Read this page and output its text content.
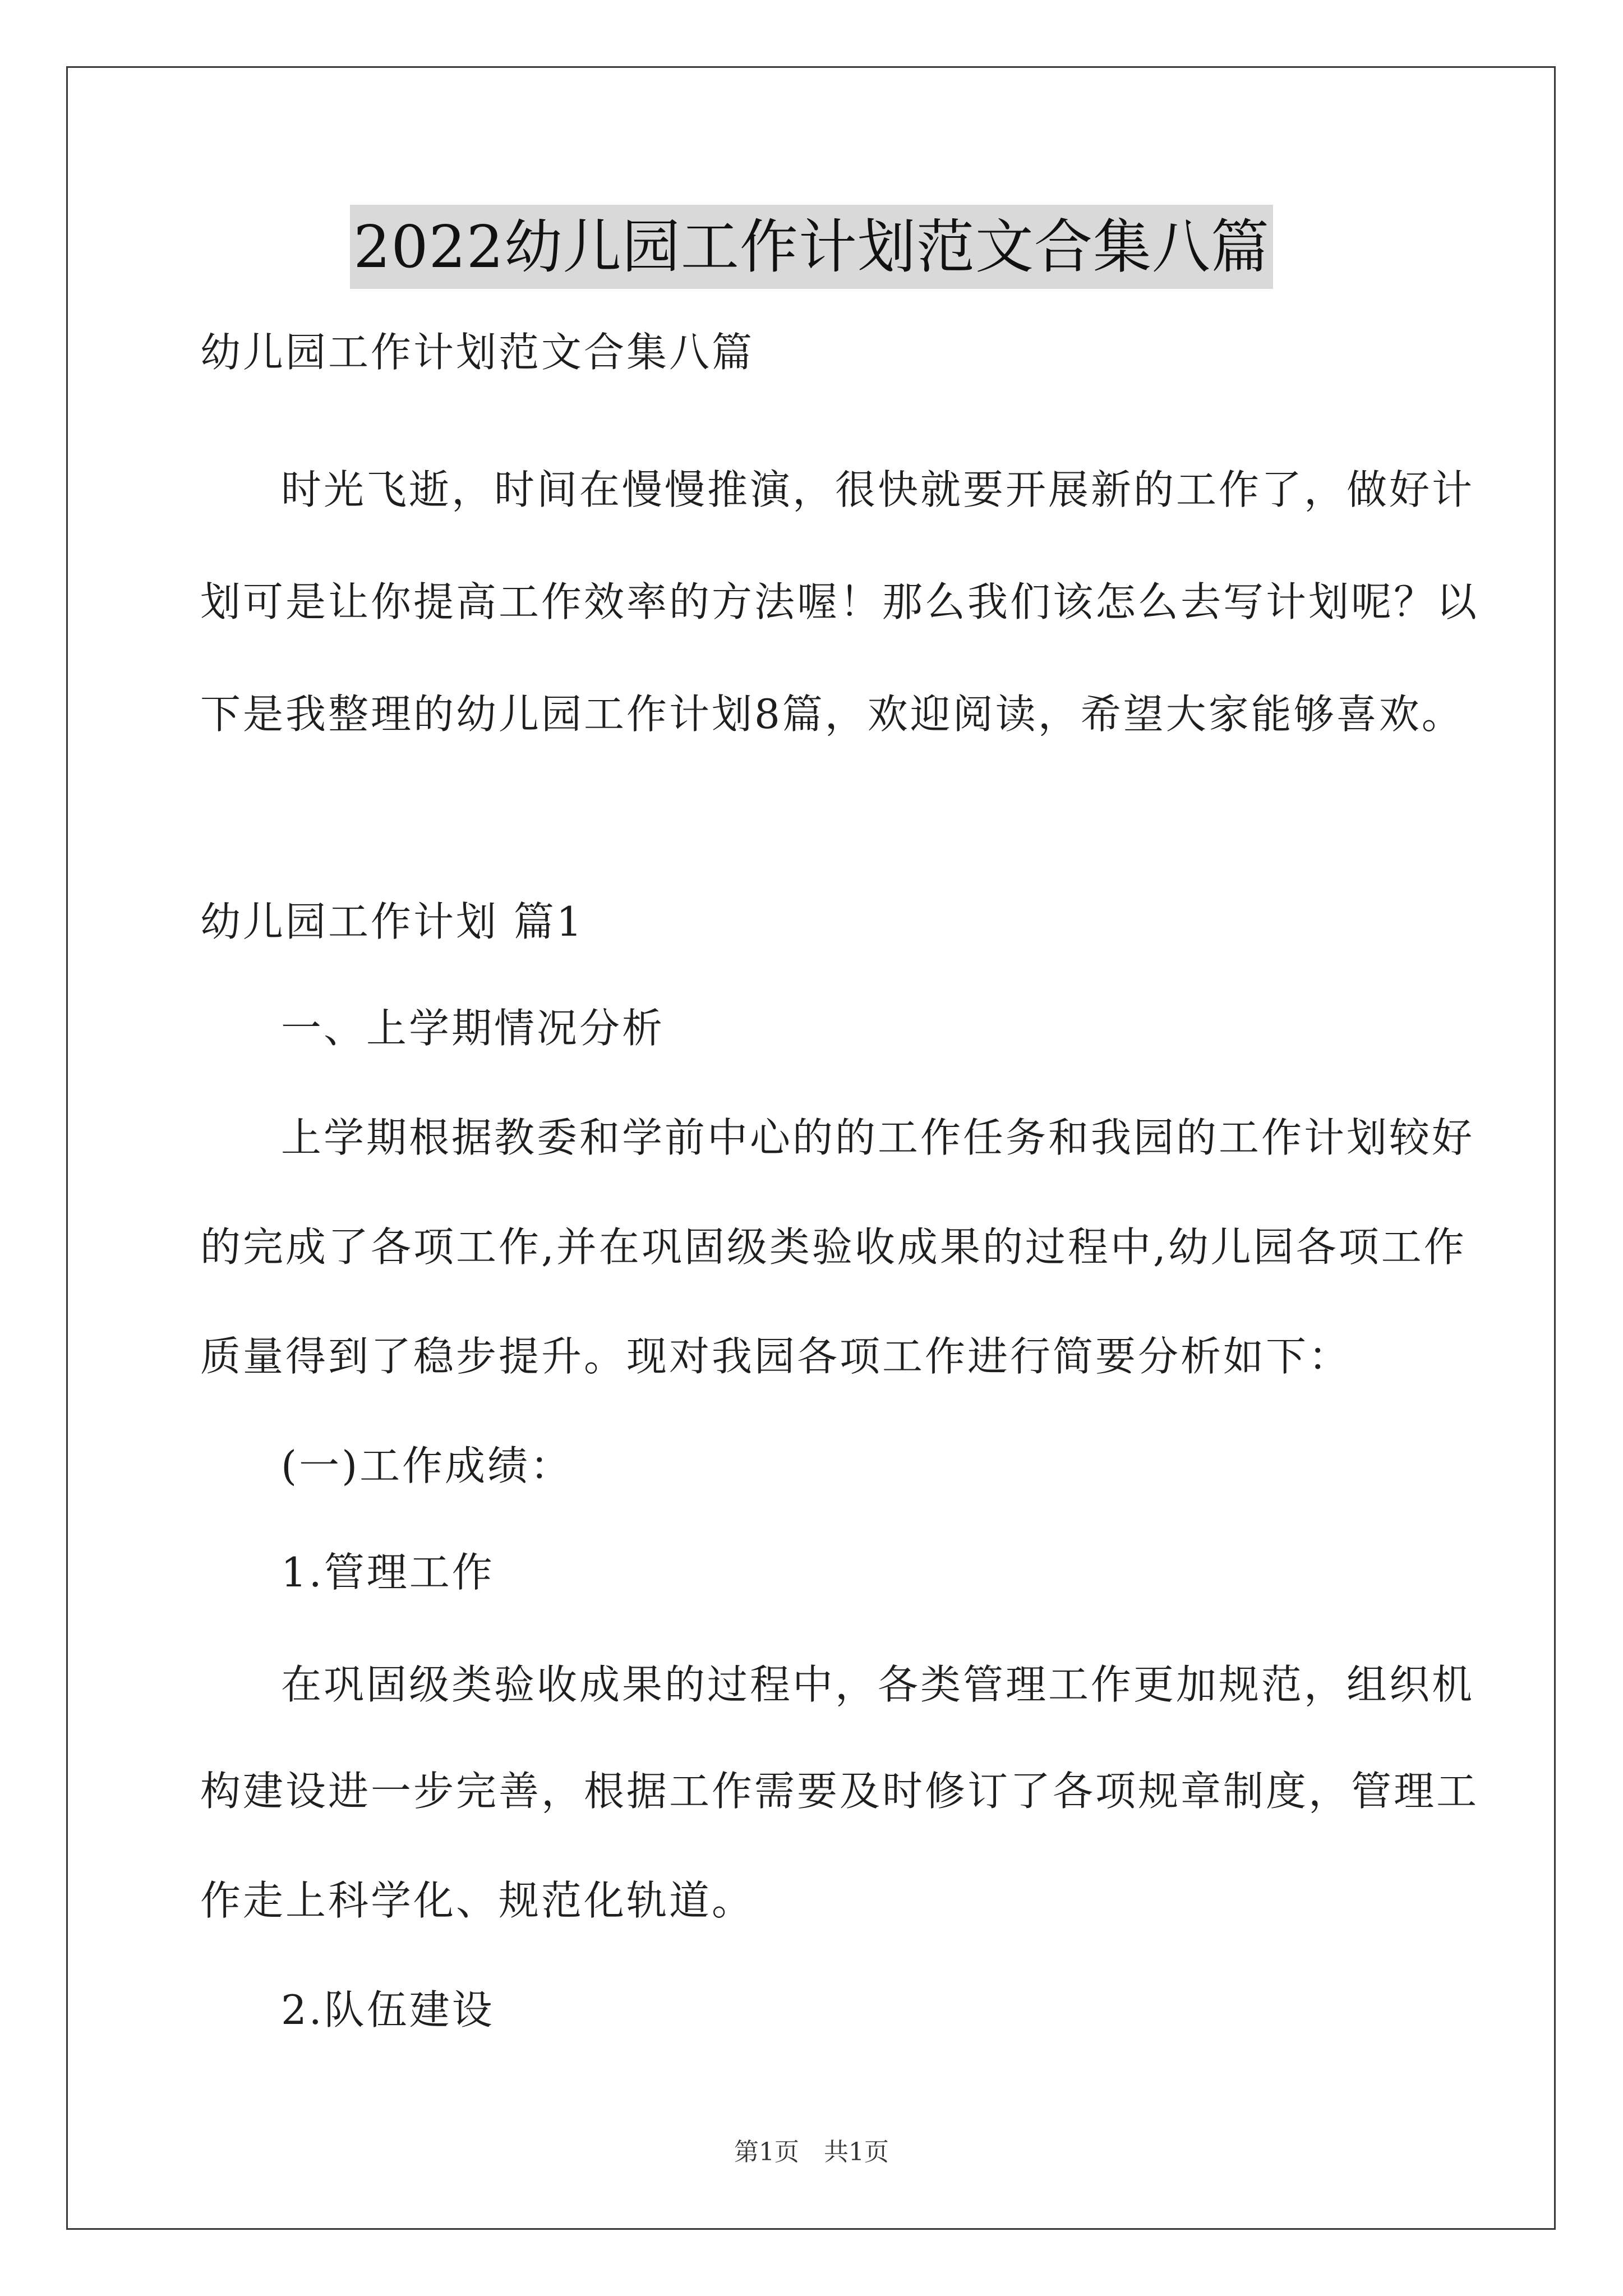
2022幼儿园工作计划范文合集八篇
幼儿园工作计划范文合集八篇
时光飞逝，时间在慢慢推演，很快就要开展新的工作了，做好计
划可是让你提高工作效率的方法喔！那么我们该怎么去写计划呢？以
下是我整理的幼儿园工作计划8篇，欢迎阅读，希望大家能够喜欢。
幼儿园工作计划 篇1
一、上学期情况分析
上学期根据教委和学前中心的的工作任务和我园的工作计划较好
的完成了各项工作,并在巩固级类验收成果的过程中,幼儿园各项工作
质量得到了稳步提升。现对我园各项工作进行简要分析如下：
(一)工作成绩：
1.管理工作
在巩固级类验收成果的过程中，各类管理工作更加规范，组织机
构建设进一步完善，根据工作需要及时修订了各项规章制度，管理工
作走上科学化、规范化轨道。
2.队伍建设
第1页 共1页
